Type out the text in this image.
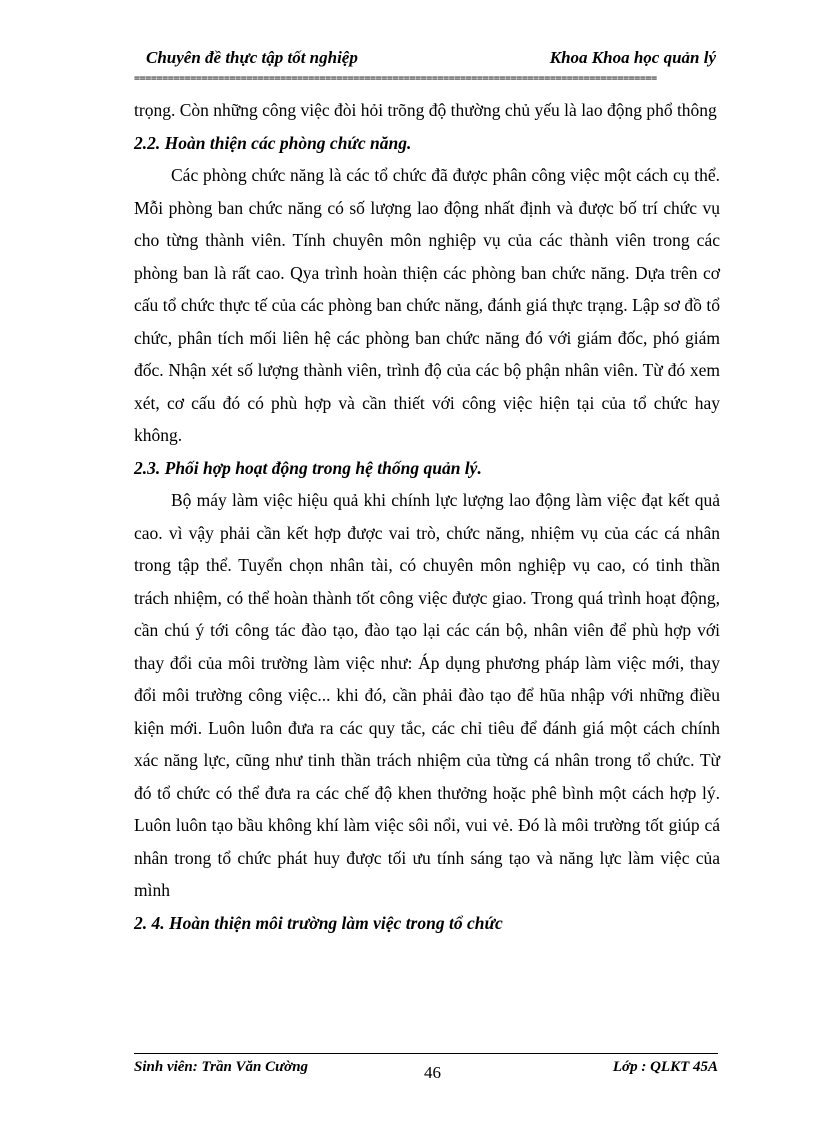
Chuyên đề thực tập tốt nghiệp	Khoa Khoa học quản lý
=============================================================================================

trọng. Còn những công việc đòi hỏi trõng độ thường chủ yếu là lao động phổ thông

2.2. Hoàn thiện các phòng chức năng.

Các phòng chức năng là các tổ chức đã được phân công việc một cách cụ thể. Mỗi phòng ban chức năng có số lượng lao động nhất định và được bố trí chức vụ cho từng thành viên. Tính chuyên môn nghiệp vụ của các thành viên trong các phòng ban là rất cao. Qya trình hoàn thiện các phòng ban chức năng. Dựa trên cơ cấu tổ chức thực tế của các phòng ban chức năng, đánh giá thực trạng. Lập sơ đồ tổ chức, phân tích mối liên hệ các phòng ban chức năng đó với giám đốc, phó giám đốc. Nhận xét số lượng thành viên, trình độ của các bộ phận nhân viên. Từ đó xem xét, cơ cấu đó có phù hợp và cần thiết với công việc hiện tại của tổ chức hay không.

2.3. Phối hợp hoạt động trong hệ thống quản lý.

Bộ máy làm việc hiệu quả khi chính lực lượng lao động làm việc đạt kết quả cao. vì vậy phải cần kết hợp được vai trò, chức năng, nhiệm vụ của các cá nhân trong tập thể. Tuyển chọn nhân tài, có chuyên môn nghiệp vụ cao, có tinh thần trách nhiệm, có thể hoàn thành tốt công việc được giao. Trong quá trình hoạt động, cần chú ý tới công tác đào tạo, đào tạo lại các cán bộ, nhân viên để phù hợp với thay đổi của môi trường làm việc như: Áp dụng phương pháp làm việc mới, thay đổi môi trường công việc... khi đó, cần phải đào tạo để hũa nhập với những điều kiện mới. Luôn luôn đưa ra các quy tắc, các chỉ tiêu để đánh giá một cách chính xác năng lực, cũng như tinh thần trách nhiệm của từng cá nhân trong tổ chức. Từ đó tổ chức có thể đưa ra các chế độ khen thưởng hoặc phê bình một cách hợp lý. Luôn luôn tạo bầu không khí làm việc sôi nổi, vui vẻ. Đó là môi trường tốt giúp cá nhân trong tổ chức phát huy được tối ưu tính sáng tạo và năng lực làm việc của mình

2. 4. Hoàn thiện môi trường làm việc trong tổ chức

Sinh viên: Trần Văn Cường	46	Lớp : QLKT 45A
